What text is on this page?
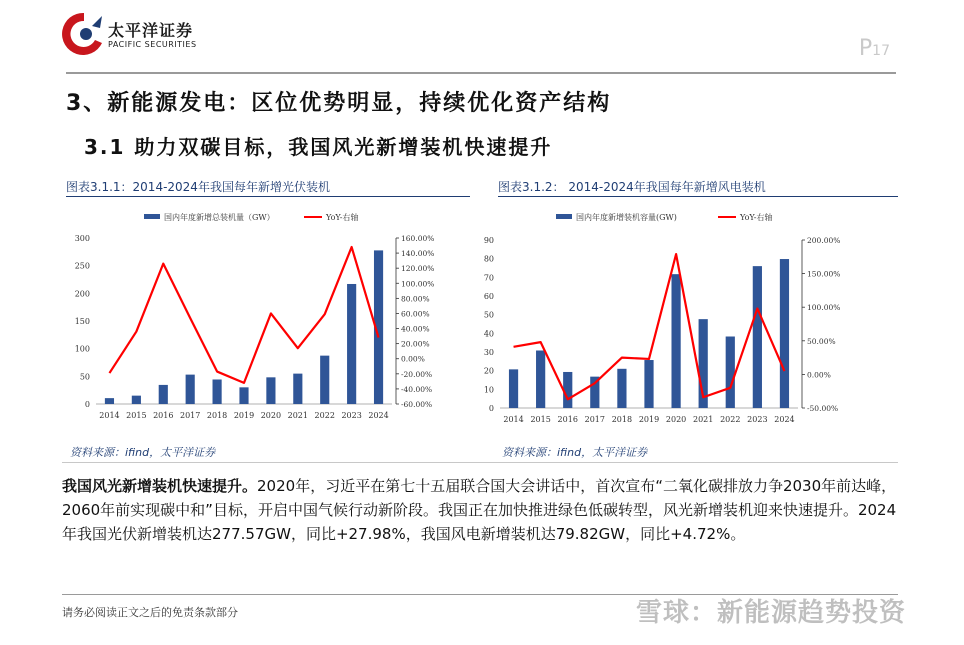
太平洋证券
PACIFIC SECURITIES	P17
3、新能源发电：区位优势明显，持续优化资产结构
3.1 助力双碳目标，我国风光新增装机快速提升
图表3.1.1：2014-2024年我国每年新增光伏装机
国内年度新增总装机量（GW）	YoY-右轴
0
50
100
150
200
250
300
-60.00%
-40.00%
-20.00%
0.00%
20.00%
40.00%
60.00%
80.00%
100.00%
120.00%
140.00%
160.00%
2014 2015 2016 2017 2018 2019 2020 2021 2022 2023 2024
资料来源：ifind，太平洋证券
图表3.1.2： 2014-2024年我国每年新增风电装机
国内年度新增装机容量(GW)	YoY-右轴
0
10
20
30
40
50
60
70
80
90
-50.00%
0.00%
50.00%
100.00%
150.00%
200.00%
2014 2015 2016 2017 2018 2019 2020 2021 2022 2023 2024
资料来源：ifind，太平洋证券
我国风光新增装机快速提升。2020年，习近平在第七十五届联合国大会讲话中，首次宣布“二氧化碳排放力争2030年前达峰，2060年前实现碳中和”目标，开启中国气候行动新阶段。我国正在加快推进绿色低碳转型，风光新增装机迎来快速提升。2024年我国光伏新增装机达277.57GW，同比+27.98%，我国风电新增装机达79.82GW，同比+4.72%。
请务必阅读正文之后的免责条款部分	雪球：新能源趋势投资
